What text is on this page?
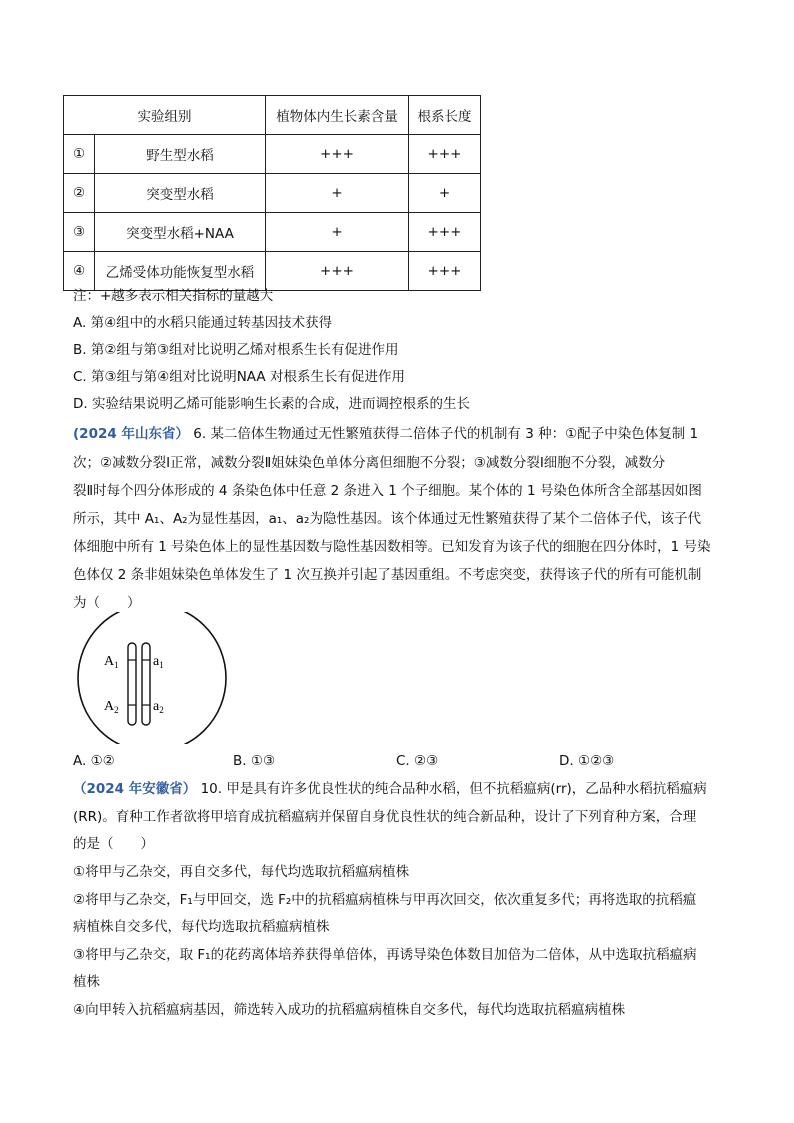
实验组别		植物体内生长素含量	根系长度
①	野生型水稻	+++	+++
②	突变型水稻	+	+
③	突变型水稻+NAA	+	+++
④	乙烯受体功能恢复型水稻	+++	+++
注：+越多表示相关指标的量越大
A. 第④组中的水稻只能通过转基因技术获得
B. 第②组与第③组对比说明乙烯对根系生长有促进作用
C. 第③组与第④组对比说明NAA 对根系生长有促进作用
D. 实验结果说明乙烯可能影响生长素的合成，进而调控根系的生长
(2024 年山东省） 6. 某二倍体生物通过无性繁殖获得二倍体子代的机制有 3 种：①配子中染色体复制 1
次；②减数分裂Ⅰ正常，减数分裂Ⅱ姐妹染色单体分离但细胞不分裂；③减数分裂Ⅰ细胞不分裂，减数分
裂Ⅱ时每个四分体形成的 4 条染色体中任意 2 条进入 1 个子细胞。某个体的 1 号染色体所含全部基因如图
所示，其中 A₁、A₂为显性基因，a₁、a₂为隐性基因。该个体通过无性繁殖获得了某个二倍体子代，该子代
体细胞中所有 1 号染色体上的显性基因数与隐性基因数相等。已知发育为该子代的细胞在四分体时，1 号染
色体仅 2 条非姐妹染色单体发生了 1 次互换并引起了基因重组。不考虑突变，获得该子代的所有可能机制
为（　　）
$A_1$
$A_2$
$a_1$
$a_2$
A. ①②	B. ①③	C. ②③	D. ①②③
（2024 年安徽省） 10. 甲是具有许多优良性状的纯合品种水稻，但不抗稻瘟病(rr)，乙品种水稻抗稻瘟病
(RR)。育种工作者欲将甲培育成抗稻瘟病并保留自身优良性状的纯合新品种，设计了下列育种方案，合理
的是（　　）
①将甲与乙杂交，再自交多代，每代均选取抗稻瘟病植株
②将甲与乙杂交，F₁与甲回交，选 F₂中的抗稻瘟病植株与甲再次回交，依次重复多代；再将选取的抗稻瘟
病植株自交多代，每代均选取抗稻瘟病植株
③将甲与乙杂交，取 F₁的花药离体培养获得单倍体，再诱导染色体数目加倍为二倍体，从中选取抗稻瘟病
植株
④向甲转入抗稻瘟病基因，筛选转入成功的抗稻瘟病植株自交多代，每代均选取抗稻瘟病植株
